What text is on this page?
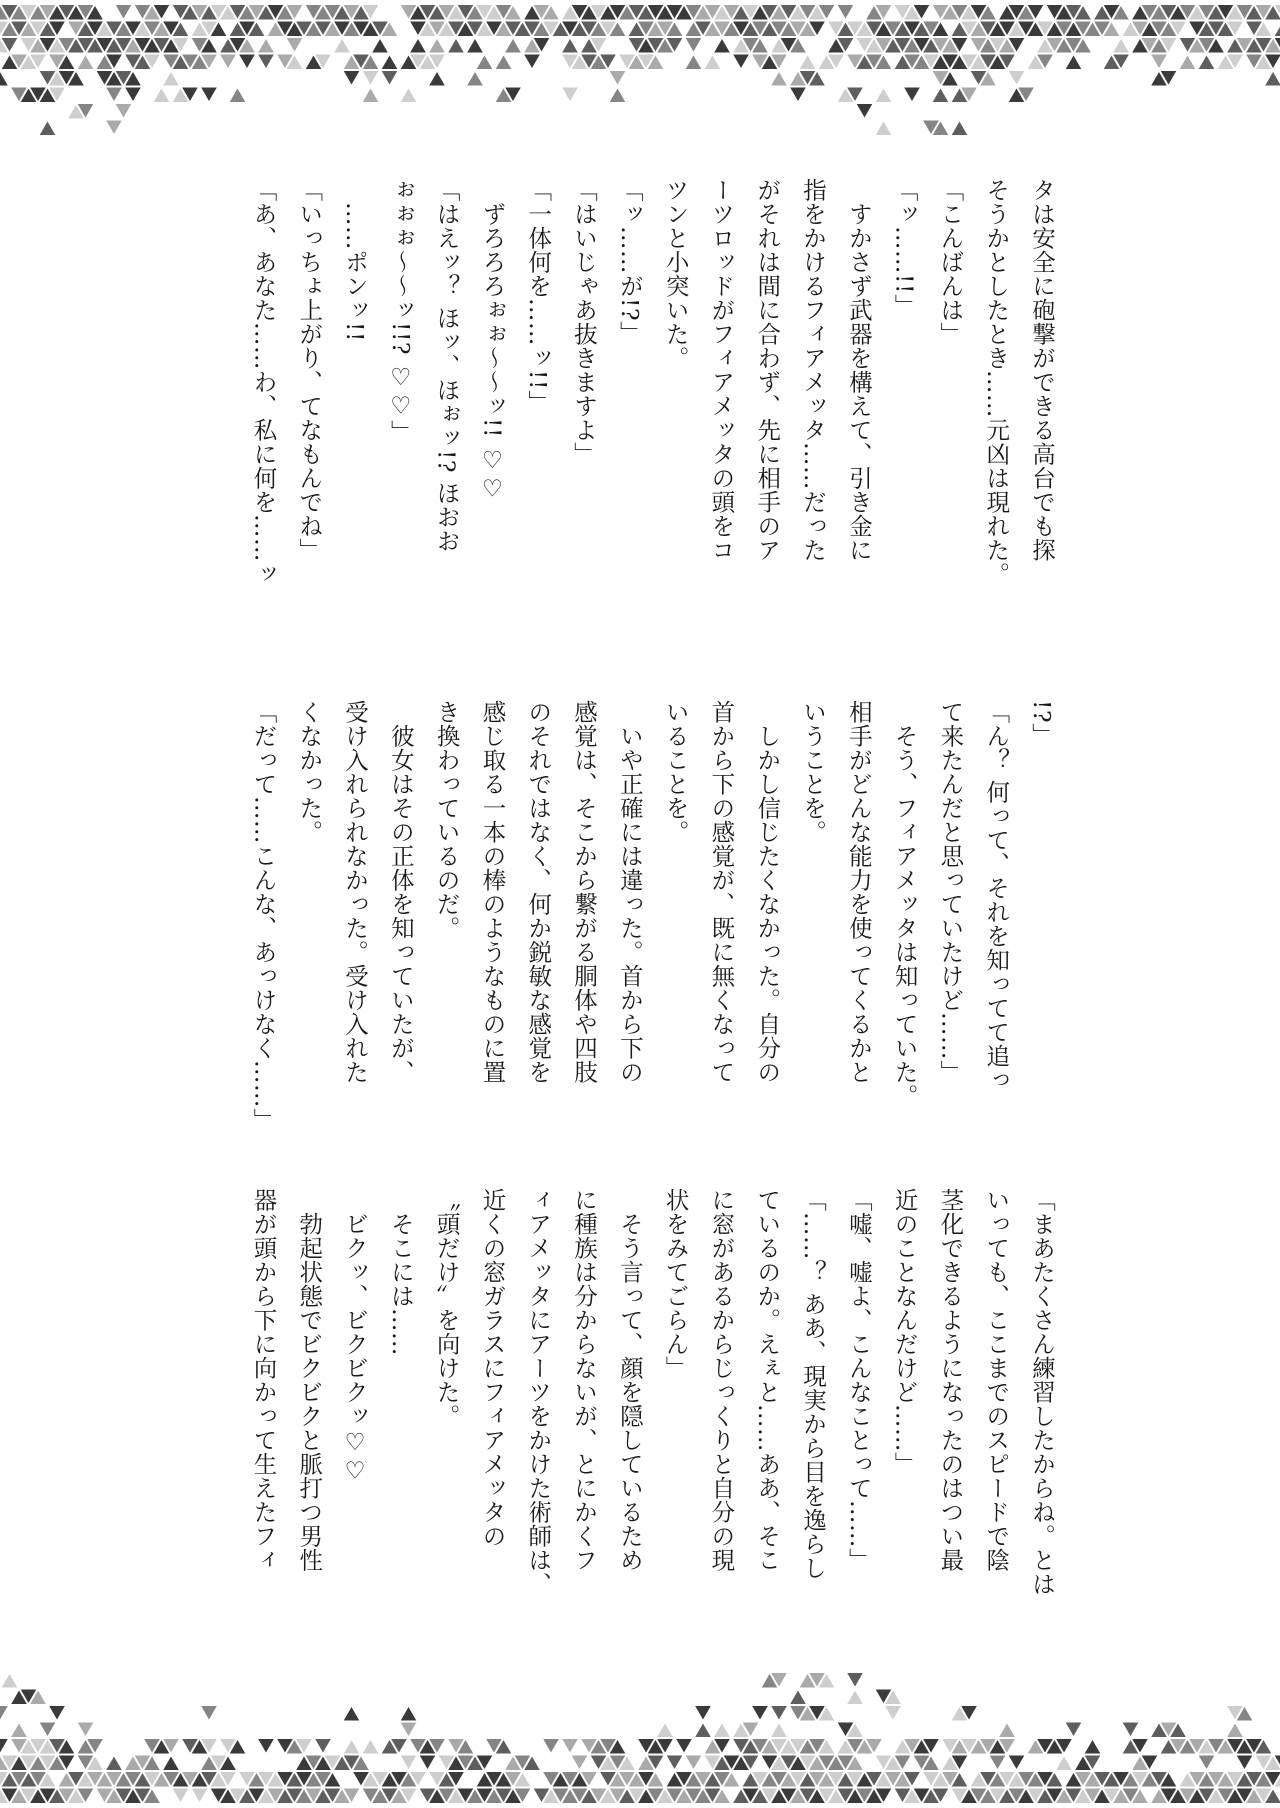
タは安全に砲撃ができる高台でも探

そうかとしたとき……元凶は現れた。

「こんばんは」

「ッ……!!」

　すかさず武器を構えて、引き金に

指をかけるフィアメッタ……だった

がそれは間に合わず、先に相手のア

ーツロッドがフィアメッタの頭をコ

ツンと小突いた。

「ッ……が!?」

「はいじゃあ抜きますよ」

「一体何を……ッ!!」

　ずろろろぉぉ〜〜ッ!! ♡♡

「はえッ？ ほッ、ほぉッ!? ほおお

ぉぉぉ〜〜ッ!!? ♡♡」

　……ポンッ!!

「いっちょ上がり、てなもんでね」

「あ、あなた……わ、私に何を……ッ

!?」

「ん？ 何って、それを知ってて追っ

て来たんだと思っていたけど……」

　そう、フィアメッタは知っていた。

相手がどんな能力を使ってくるかと

いうことを。

　しかし信じたくなかった。自分の

首から下の感覚が、既に無くなって

いることを。

　いや正確には違った。首から下の

感覚は、そこから繋がる胴体や四肢

のそれではなく、何か鋭敏な感覚を

感じ取る一本の棒のようなものに置

き換わっているのだ。

　彼女はその正体を知っていたが、

受け入れられなかった。受け入れた

くなかった。

「だって……こんな、あっけなく……」

「まあたくさん練習したからね。とは

いっても、ここまでのスピードで陰

茎化できるようになったのはつい最

近のことなんだけど……」

「嘘、嘘よ、こんなことって……」

「……？ ああ、現実から目を逸らし

ているのか。えぇと……ああ、そこ

に窓があるからじっくりと自分の現

状をみてごらん」

　そう言って、顔を隠しているため

に種族は分からないが、とにかくフ

ィアメッタにアーツをかけた術師は、

近くの窓ガラスにフィアメッタの

〝頭だけ〟を向けた。

　そこには……

　ビクッ、ビクビクッ♡♡

　勃起状態でビクビクと脈打つ男性

器が頭から下に向かって生えたフィ
